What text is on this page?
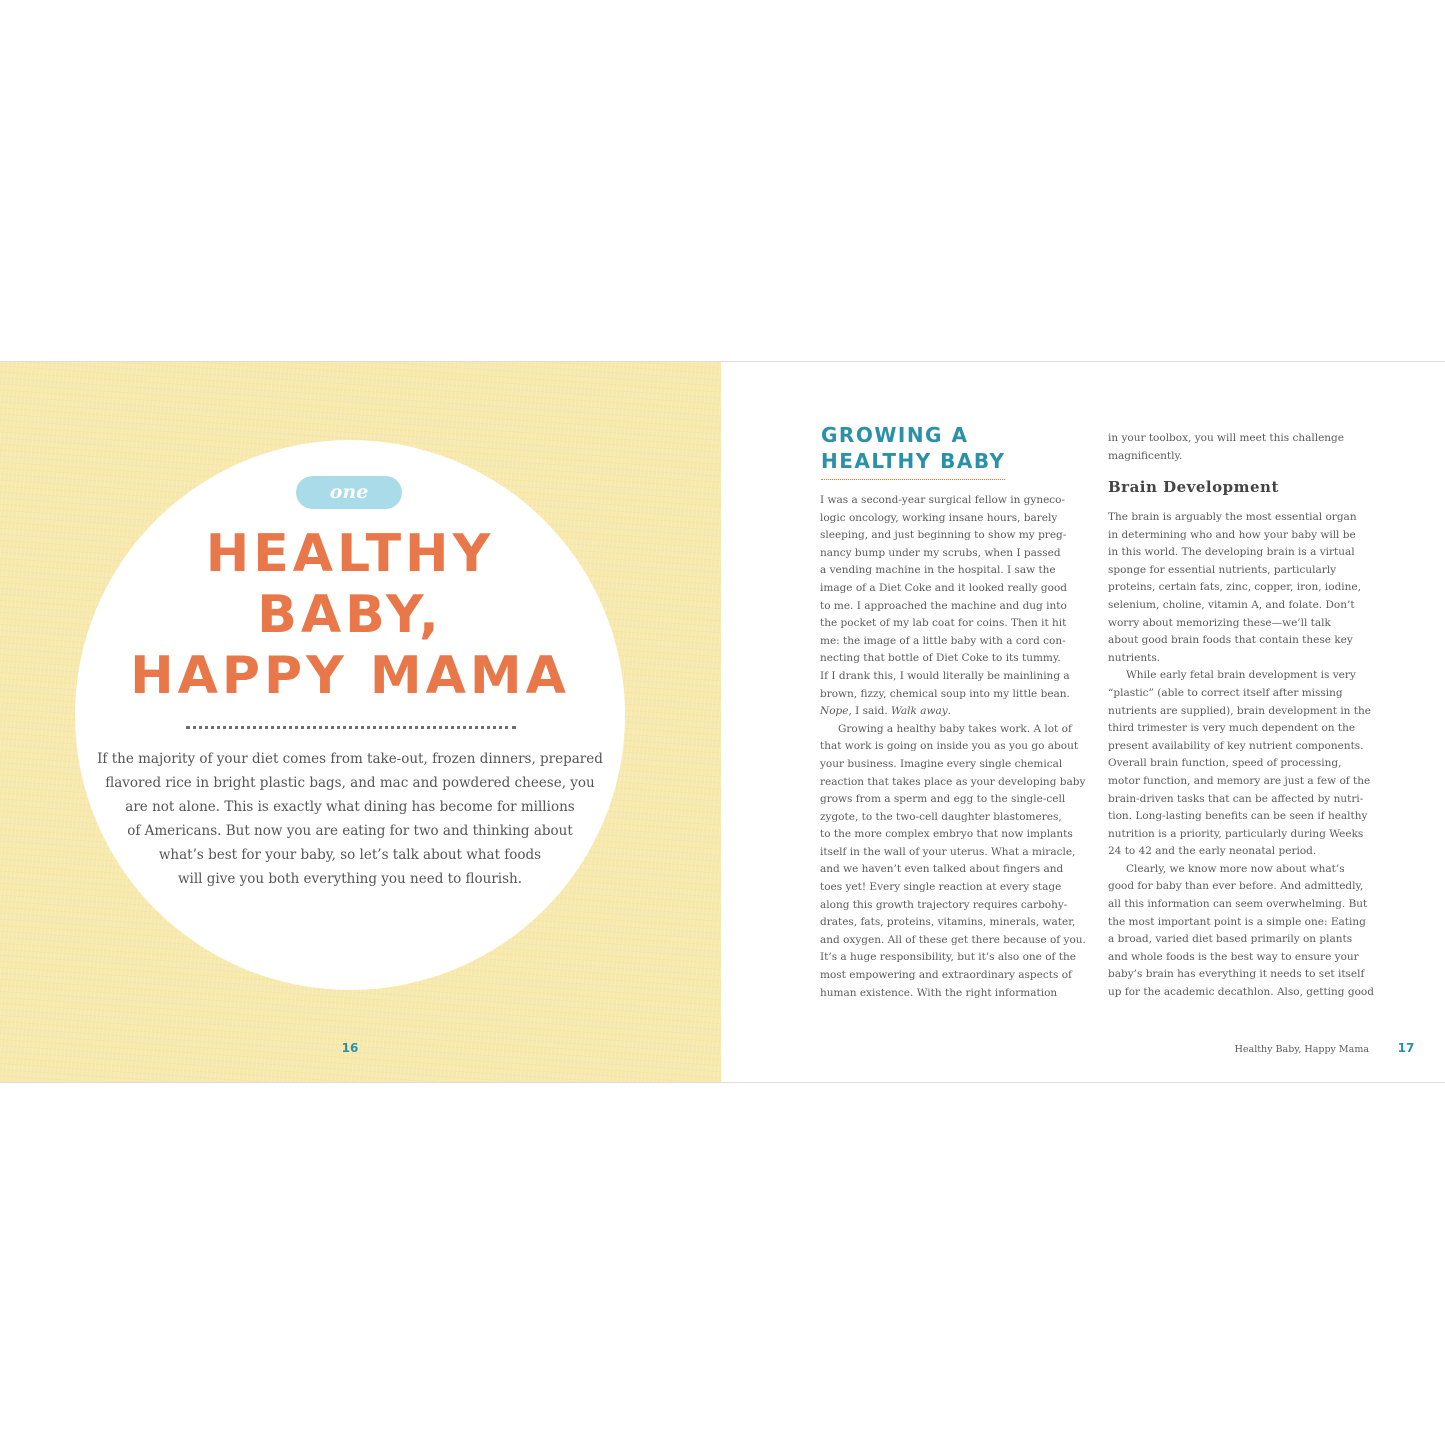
one
HEALTHY
BABY,
HAPPY MAMA

If the majority of your diet comes from take-out, frozen dinners, prepared
flavored rice in bright plastic bags, and mac and powdered cheese, you
are not alone. This is exactly what dining has become for millions
of Americans. But now you are eating for two and thinking about
what’s best for your baby, so let’s talk about what foods
will give you both everything you need to flourish.

16
GROWING A
HEALTHY BABY
I was a second-year surgical fellow in gyneco-
logic oncology, working insane hours, barely
sleeping, and just beginning to show my preg-
nancy bump under my scrubs, when I passed
a vending machine in the hospital. I saw the
image of a Diet Coke and it looked really good
to me. I approached the machine and dug into
the pocket of my lab coat for coins. Then it hit
me: the image of a little baby with a cord con-
necting that bottle of Diet Coke to its tummy.
If I drank this, I would literally be mainlining a
brown, fizzy, chemical soup into my little bean.
Nope, I said. Walk away.
Growing a healthy baby takes work. A lot of
that work is going on inside you as you go about
your business. Imagine every single chemical
reaction that takes place as your developing baby
grows from a sperm and egg to the single-cell
zygote, to the two-cell daughter blastomeres,
to the more complex embryo that now implants
itself in the wall of your uterus. What a miracle,
and we haven’t even talked about fingers and
toes yet! Every single reaction at every stage
along this growth trajectory requires carbohy-
drates, fats, proteins, vitamins, minerals, water,
and oxygen. All of these get there because of you.
It’s a huge responsibility, but it’s also one of the
most empowering and extraordinary aspects of
human existence. With the right information
in your toolbox, you will meet this challenge
magnificently.
Brain Development
The brain is arguably the most essential organ
in determining who and how your baby will be
in this world. The developing brain is a virtual
sponge for essential nutrients, particularly
proteins, certain fats, zinc, copper, iron, iodine,
selenium, choline, vitamin A, and folate. Don’t
worry about memorizing these—we’ll talk
about good brain foods that contain these key
nutrients.
While early fetal brain development is very
“plastic” (able to correct itself after missing
nutrients are supplied), brain development in the
third trimester is very much dependent on the
present availability of key nutrient components.
Overall brain function, speed of processing,
motor function, and memory are just a few of the
brain-driven tasks that can be affected by nutri-
tion. Long-lasting benefits can be seen if healthy
nutrition is a priority, particularly during Weeks
24 to 42 and the early neonatal period.
Clearly, we know more now about what’s
good for baby than ever before. And admittedly,
all this information can seem overwhelming. But
the most important point is a simple one: Eating
a broad, varied diet based primarily on plants
and whole foods is the best way to ensure your
baby’s brain has everything it needs to set itself
up for the academic decathlon. Also, getting good
Healthy Baby, Happy Mama	17
